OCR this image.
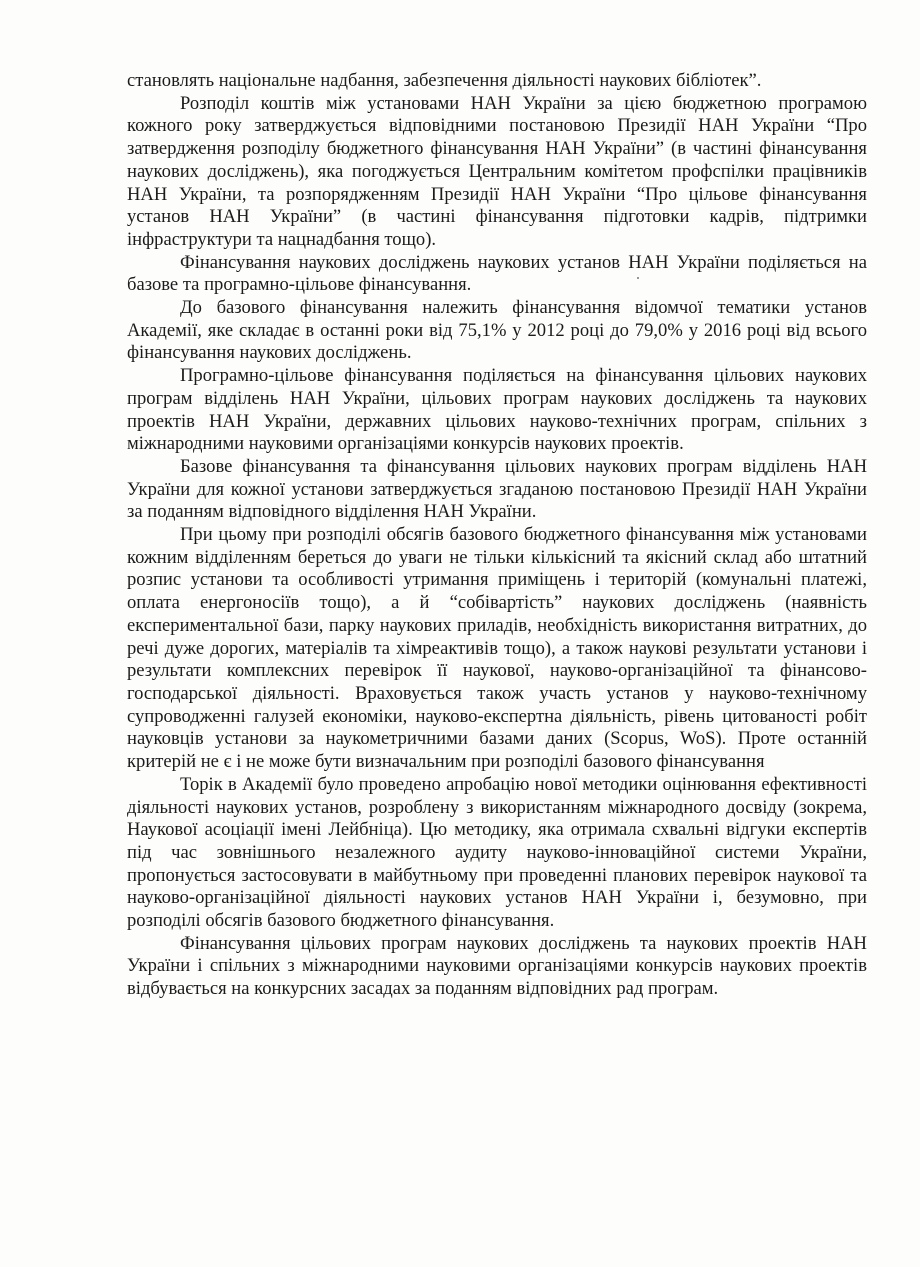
становлять національне надбання, забезпечення діяльності наукових бібліотек”.

Розподіл коштів між установами НАН України за цією бюджетною програмою кожного року затверджується відповідними постановою Президії НАН України “Про затвердження розподілу бюджетного фінансування НАН України” (в частині фінансування наукових досліджень), яка погоджується Центральним комітетом профспілки працівників НАН України, та розпорядженням Президії НАН України “Про цільове фінансування установ НАН України” (в частині фінансування підготовки кадрів, підтримки інфраструктури та нацнадбання тощо).

Фінансування наукових досліджень наукових установ НАН України поділяється на базове та програмно-цільове фінансування.

До базового фінансування належить фінансування відомчої тематики установ Академії, яке складає в останні роки від 75,1% у 2012 році до 79,0% у 2016 році від всього фінансування наукових досліджень.

Програмно-цільове фінансування поділяється на фінансування цільових наукових програм відділень НАН України, цільових програм наукових досліджень та наукових проектів НАН України, державних цільових науково-технічних програм, спільних з міжнародними науковими організаціями конкурсів наукових проектів.

Базове фінансування та фінансування цільових наукових програм відділень НАН України для кожної установи затверджується згаданою постановою Президії НАН України за поданням відповідного відділення НАН України.

При цьому при розподілі обсягів базового бюджетного фінансування між установами кожним відділенням береться до уваги не тільки кількісний та якісний склад або штатний розпис установи та особливості утримання приміщень і територій (комунальні платежі, оплата енергоносіїв тощо), а й “собівартість” наукових досліджень (наявність експериментальної бази, парку наукових приладів, необхідність використання витратних, до речі дуже дорогих, матеріалів та хімреактивів тощо), а також наукові результати установи і результати комплексних перевірок її наукової, науково-організаційної та фінансово-господарської діяльності. Враховується також участь установ у науково-технічному супроводженні галузей економіки, науково-експертна діяльність, рівень цитованості робіт науковців установи за наукометричними базами даних (Scopus, WoS). Проте останній критерій не є і не може бути визначальним при розподілі базового фінансування

Торік в Академії було проведено апробацію нової методики оцінювання ефективності діяльності наукових установ, розроблену з використанням міжнародного досвіду (зокрема, Наукової асоціації імені Лейбніца). Цю методику, яка отримала схвальні відгуки експертів під час зовнішнього незалежного аудиту науково-інноваційної системи України, пропонується застосовувати в майбутньому при проведенні планових перевірок наукової та науково-організаційної діяльності наукових установ НАН України і, безумовно, при розподілі обсягів базового бюджетного фінансування.

Фінансування цільових програм наукових досліджень та наукових проектів НАН України і спільних з міжнародними науковими організаціями конкурсів наукових проектів відбувається на конкурсних засадах за поданням відповідних рад програм.
